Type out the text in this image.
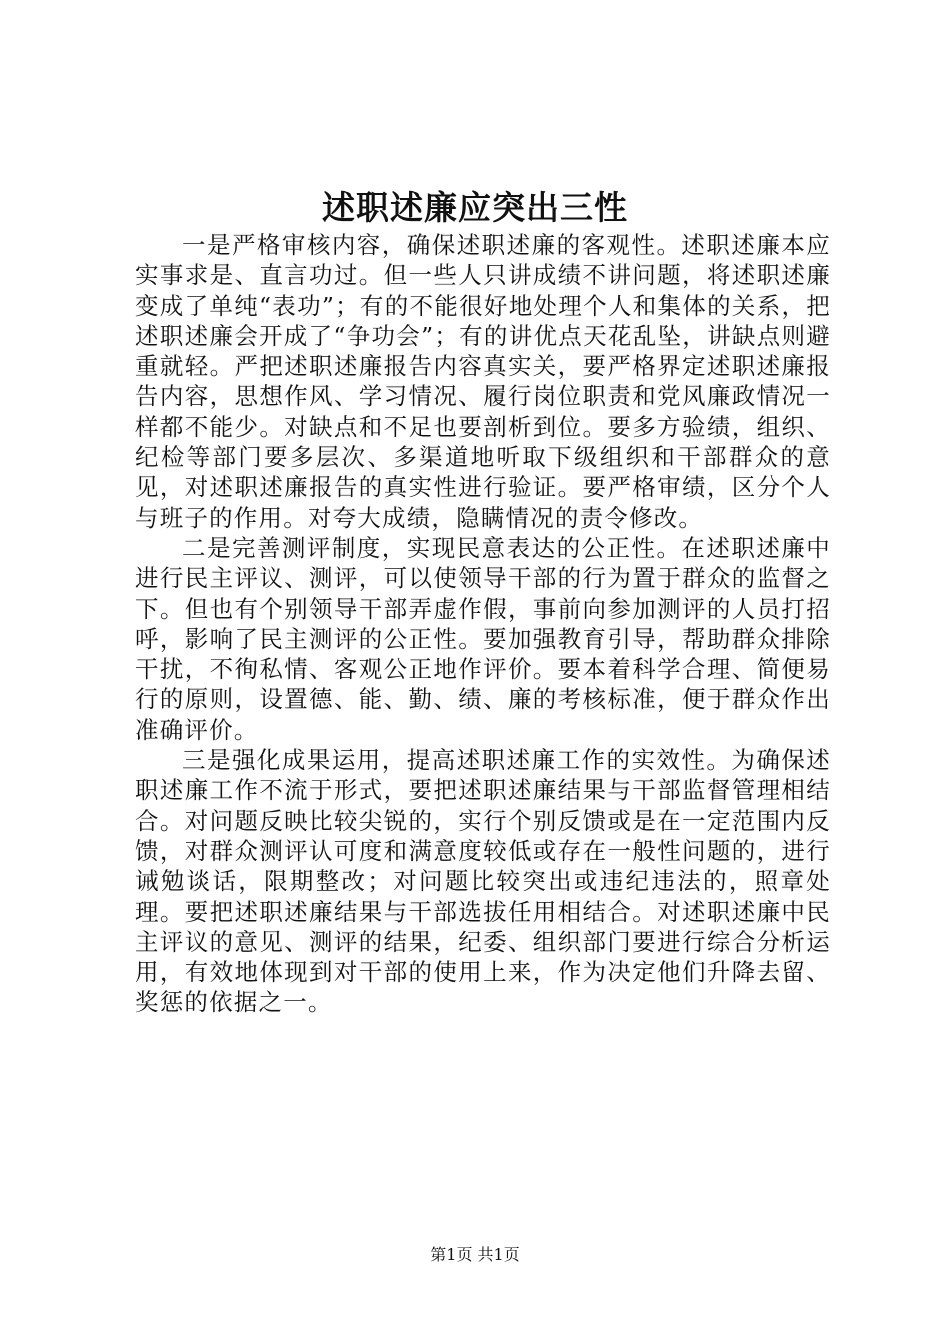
述职述廉应突出三性

一是严格审核内容，确保述职述廉的客观性。述职述廉本应实事求是、直言功过。但一些人只讲成绩不讲问题，将述职述廉变成了单纯“表功”；有的不能很好地处理个人和集体的关系，把述职述廉会开成了“争功会”；有的讲优点天花乱坠，讲缺点则避重就轻。严把述职述廉报告内容真实关，要严格界定述职述廉报告内容，思想作风、学习情况、履行岗位职责和党风廉政情况一样都不能少。对缺点和不足也要剖析到位。要多方验绩，组织、纪检等部门要多层次、多渠道地听取下级组织和干部群众的意见，对述职述廉报告的真实性进行验证。要严格审绩，区分个人与班子的作用。对夸大成绩，隐瞒情况的责令修改。

二是完善测评制度，实现民意表达的公正性。在述职述廉中进行民主评议、测评，可以使领导干部的行为置于群众的监督之下。但也有个别领导干部弄虚作假，事前向参加测评的人员打招呼，影响了民主测评的公正性。要加强教育引导，帮助群众排除干扰，不徇私情、客观公正地作评价。要本着科学合理、简便易行的原则，设置德、能、勤、绩、廉的考核标准，便于群众作出准确评价。

三是强化成果运用，提高述职述廉工作的实效性。为确保述职述廉工作不流于形式，要把述职述廉结果与干部监督管理相结合。对问题反映比较尖锐的，实行个别反馈或是在一定范围内反馈，对群众测评认可度和满意度较低或存在一般性问题的，进行诫勉谈话，限期整改；对问题比较突出或违纪违法的，照章处理。要把述职述廉结果与干部选拔任用相结合。对述职述廉中民主评议的意见、测评的结果，纪委、组织部门要进行综合分析运用，有效地体现到对干部的使用上来，作为决定他们升降去留、奖惩的依据之一。

第1页 共1页
